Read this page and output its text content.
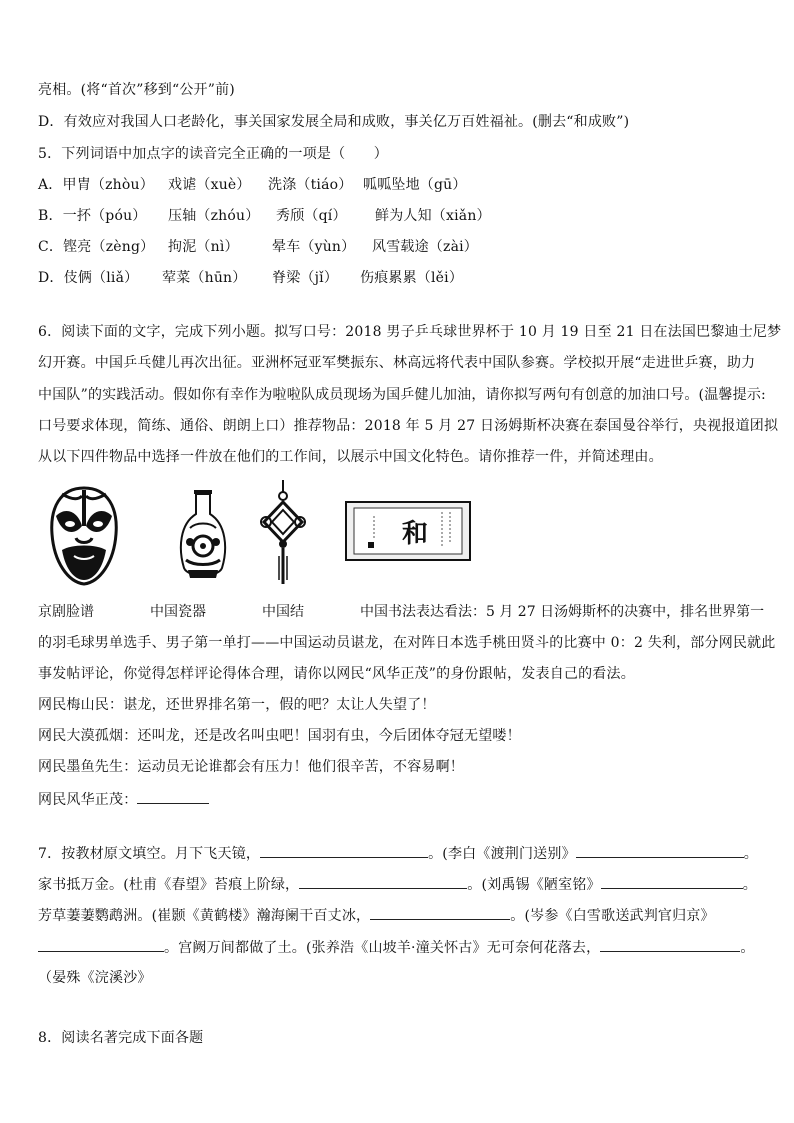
亮相。(将“首次”移到“公开”前)
D．有效应对我国人口老龄化，事关国家发展全局和成败，事关亿万百姓福祉。(删去“和成败”)
5．下列词语中加点字的读音完全正确的一项是（　　）
A．甲胄（zhòu） 戏谑（xuè） 洗涤（tiáo） 呱呱坠地（gū）
B．一抔（póu） 压轴（zhóu） 秀颀（qí） 鲜为人知（xiǎn）
C．铿亮（zèng） 拘泥（nì） 晕车（yùn） 风雪载途（zài）
D．伎俩（liǎ） 荤菜（hūn） 脊梁（jǐ） 伤痕累累（lěi）
6．阅读下面的文字，完成下列小题。拟写口号：2018 男子乒乓球世界杯于 10 月 19 日至 21 日在法国巴黎迪士尼梦
幻开赛。中国乒乓健儿再次出征。亚洲杯冠亚军樊振东、林高远将代表中国队参赛。学校拟开展“走进世乒赛，助力
中国队”的实践活动。假如你有幸作为啦啦队成员现场为国乒健儿加油，请你拟写两句有创意的加油口号。(温馨提示:
口号要求体现，简练、通俗、朗朗上口）推荐物品：2018 年 5 月 27 日汤姆斯杯决赛在泰国曼谷举行，央视报道团拟
从以下四件物品中选择一件放在他们的工作间，以展示中国文化特色。请你推荐一件，并简述理由。
和
京剧脸谱	中国瓷器	中国结	中国书法表达看法：5 月 27 日汤姆斯杯的决赛中，排名世界第一
的羽毛球男单选手、男子第一单打——中国运动员谌龙，在对阵日本选手桃田贤斗的比赛中 0：2 失利，部分网民就此
事发帖评论，你觉得怎样评论得体合理，请你以网民“风华正茂”的身份跟帖，发表自己的看法。
网民梅山民：谌龙，还世界排名第一，假的吧？太让人失望了！
网民大漠孤烟：还叫龙，还是改名叫虫吧！国羽有虫，今后团体夺冠无望喽！
网民墨鱼先生：运动员无论谁都会有压力！他们很辛苦，不容易啊！
网民风华正茂：
7．按教材原文填空。月下飞天镜，	。(李白《渡荆门送别》	。
家书抵万金。(杜甫《春望》苔痕上阶绿，	。(刘禹锡《陋室铭》	。
芳草萋萋鹦鹉洲。(崔颢《黄鹤楼》瀚海阑干百丈冰，	。(岑参《白雪歌送武判官归京》
。宫阙万间都做了土。(张养浩《山坡羊·潼关怀古》无可奈何花落去，	。
（晏殊《浣溪沙》
8．阅读名著完成下面各题
